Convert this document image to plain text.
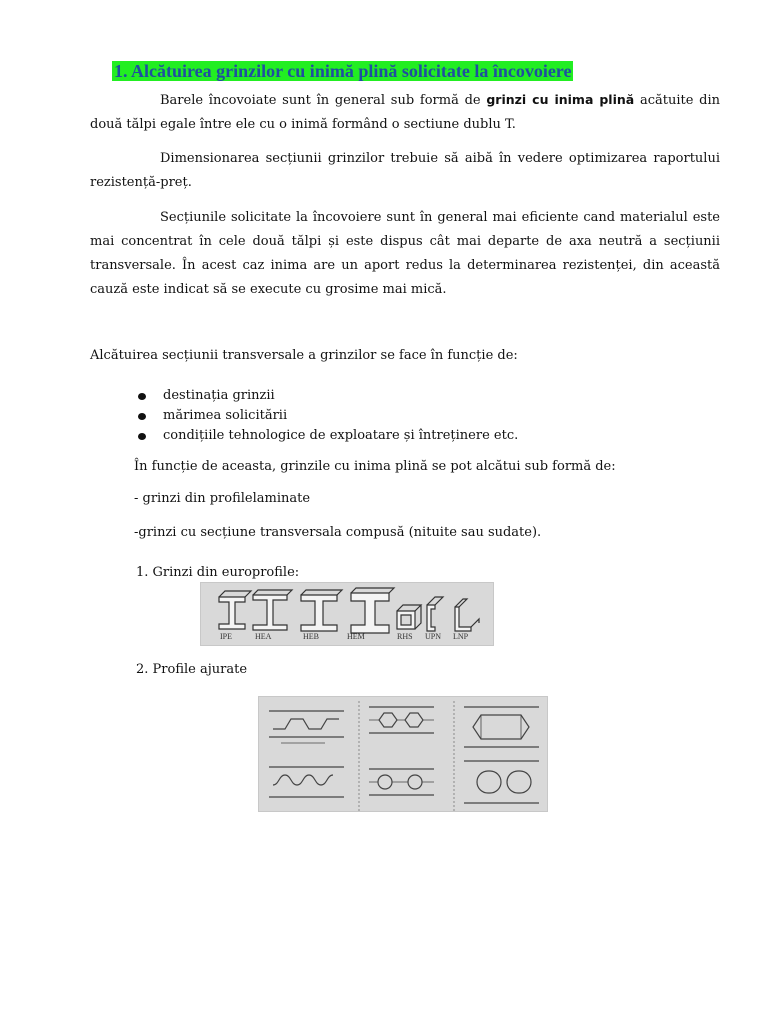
1. Alcătuirea grinzilor cu inimă plină solicitate la încovoiere
Barele încovoiate sunt în general sub formă de grinzi cu inima plină acătuite din două tălpi egale între ele cu o inimă formând o sectiune dublu T.
Dimensionarea secțiunii grinzilor trebuie să aibă în vedere optimizarea raportului rezistență-preț.
Secțiunile solicitate la încovoiere sunt în general mai eficiente cand materialul este mai concentrat în cele două tălpi și este dispus cât mai departe de axa neutră a secțiunii transversale. În acest caz inima are un aport redus la determinarea rezistenței, din această cauză este indicat să se execute cu grosime mai mică.
Alcătuirea secțiunii transversale a grinzilor se face în funcție de:
destinația grinzii
mărimea solicitării
condițiile tehnologice de exploatare și întreținere etc.
În funcție de aceasta, grinzile cu inima plină se pot alcătui sub formă de:
- grinzi din profilelaminate
-grinzi cu secțiune transversala compusă (nituite sau sudate).
1. Grinzi din europrofile:
IPE	HEA	HEB	HEM	RHS UPN LNP
2. Profile ajurate
